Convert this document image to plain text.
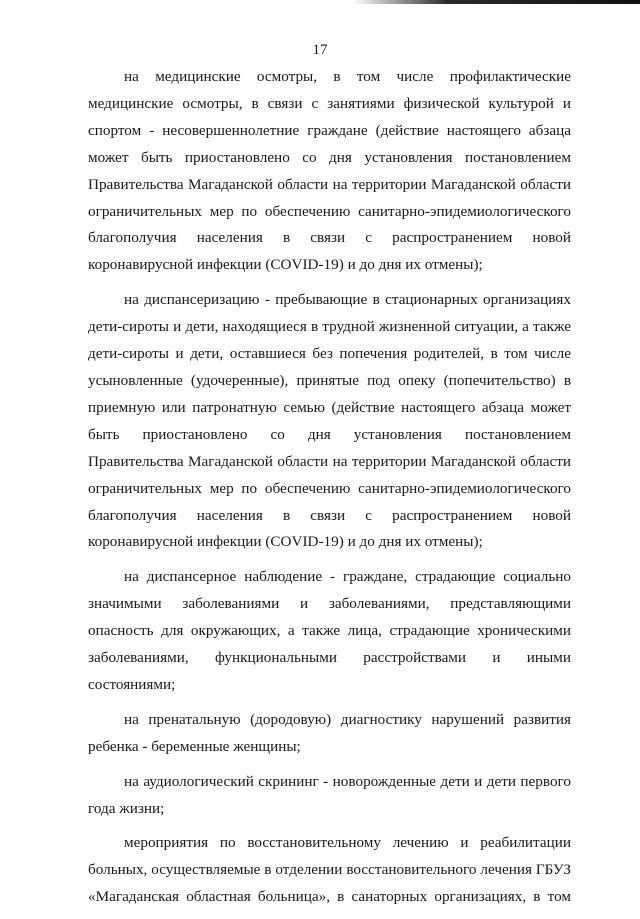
17

на медицинские осмотры, в том числе профилактические медицинские осмотры, в связи с занятиями физической культурой и спортом - несовершеннолетние граждане (действие настоящего абзаца может быть приостановлено со дня установления постановлением Правительства Магаданской области на территории Магаданской области ограничительных мер по обеспечению санитарно-эпидемиологического благополучия населения в связи с распространением новой коронавирусной инфекции (COVID-19) и до дня их отмены);

на диспансеризацию - пребывающие в стационарных организациях дети-сироты и дети, находящиеся в трудной жизненной ситуации, а также дети-сироты и дети, оставшиеся без попечения родителей, в том числе усыновленные (удочеренные), принятые под опеку (попечительство) в приемную или патронатную семью (действие настоящего абзаца может быть приостановлено со дня установления постановлением Правительства Магаданской области на территории Магаданской области ограничительных мер по обеспечению санитарно-эпидемиологического благополучия населения в связи с распространением новой коронавирусной инфекции (COVID-19) и до дня их отмены);

на диспансерное наблюдение - граждане, страдающие социально значимыми заболеваниями и заболеваниями, представляющими опасность для окружающих, а также лица, страдающие хроническими заболеваниями, функциональными расстройствами и иными состояниями;

на пренатальную (дородовую) диагностику нарушений развития ребенка - беременные женщины;

на аудиологический скрининг - новорожденные дети и дети первого года жизни;

мероприятия по восстановительному лечению и реабилитации больных, осуществляемые в отделении восстановительного лечения ГБУЗ «Магаданская областная больница», в санаторных организациях, в том
